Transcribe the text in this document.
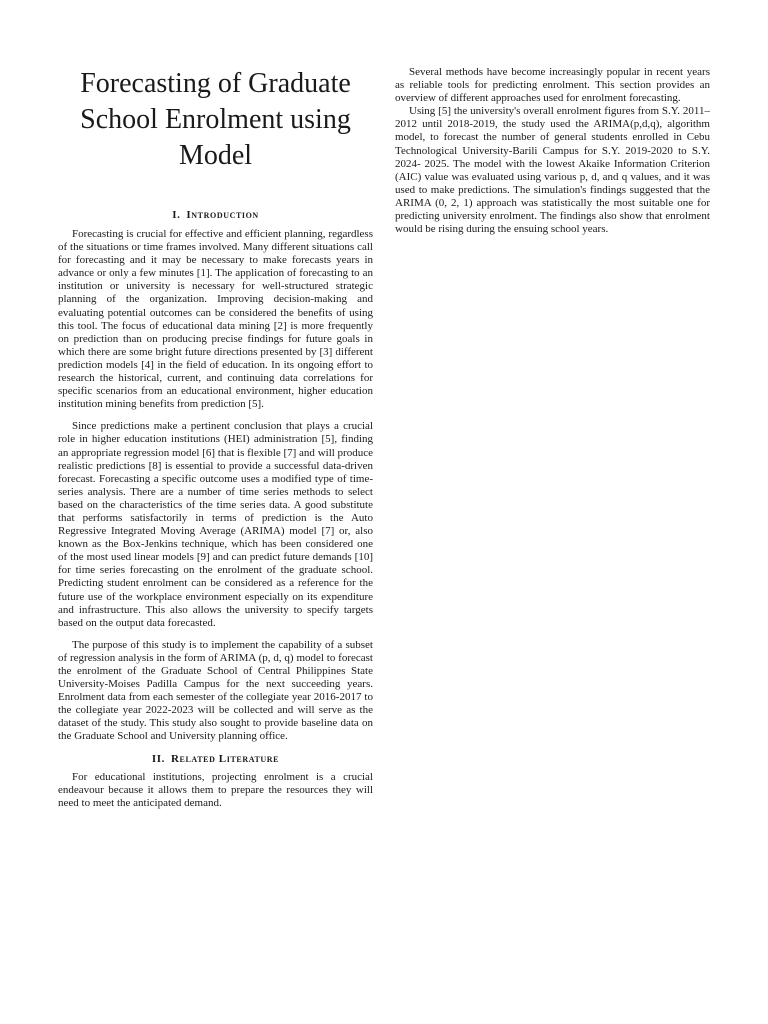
Forecasting of Graduate School Enrolment using Model
I. Introduction

Forecasting is crucial for effective and efficient planning, regardless of the situations or time frames involved. Many different situations call for forecasting and it may be necessary to make forecasts years in advance or only a few minutes [1]. The application of forecasting to an institution or university is necessary for well-structured strategic planning of the organization. Improving decision-making and evaluating potential outcomes can be considered the benefits of using this tool. The focus of educational data mining [2] is more frequently on prediction than on producing precise findings for future goals in which there are some bright future directions presented by [3] different prediction models [4] in the field of education. In its ongoing effort to research the historical, current, and continuing data correlations for specific scenarios from an educational environment, higher education institution mining benefits from prediction [5].

Since predictions make a pertinent conclusion that plays a crucial role in higher education institutions (HEI) administration [5], finding an appropriate regression model [6] that is flexible [7] and will produce realistic predictions [8] is essential to provide a successful data-driven forecast. Forecasting a specific outcome uses a modified type of time-series analysis. There are a number of time series methods to select based on the characteristics of the time series data. A good substitute that performs satisfactorily in terms of prediction is the Auto Regressive Integrated Moving Average (ARIMA) model [7] or, also known as the Box-Jenkins technique, which has been considered one of the most used linear models [9] and can predict future demands [10] for time series forecasting on the enrolment of the graduate school. Predicting student enrolment can be considered as a reference for the future use of the workplace environment especially on its expenditure and infrastructure. This also allows the university to specify targets based on the output data forecasted.

The purpose of this study is to implement the capability of a subset of regression analysis in the form of ARIMA (p, d, q) model to forecast the enrolment of the Graduate School of Central Philippines State University-Moises Padilla Campus for the next succeeding years. Enrolment data from each semester of the collegiate year 2016-2017 to the collegiate year 2022-2023 will be collected and will serve as the dataset of the study. This study also sought to provide baseline data on the Graduate School and University planning office.

II. Related Literature

For educational institutions, projecting enrolment is a crucial endeavour because it allows them to prepare the resources they will need to meet the anticipated demand.

Several methods have become increasingly popular in recent years as reliable tools for predicting enrolment. This section provides an overview of different approaches used for enrolment forecasting.

Using [5] the university's overall enrolment figures from S.Y. 2011–2012 until 2018-2019, the study used the ARIMA(p,d,q), algorithm model, to forecast the number of general students enrolled in Cebu Technological University-Barili Campus for S.Y. 2019-2020 to S.Y. 2024- 2025. The model with the lowest Akaike Information Criterion (AIC) value was evaluated using various p, d, and q values, and it was used to make predictions. The simulation's findings suggested that the ARIMA (0, 2, 1) approach was statistically the most suitable one for predicting university enrolment. The findings also show that enrolment would be rising during the ensuing school years.
